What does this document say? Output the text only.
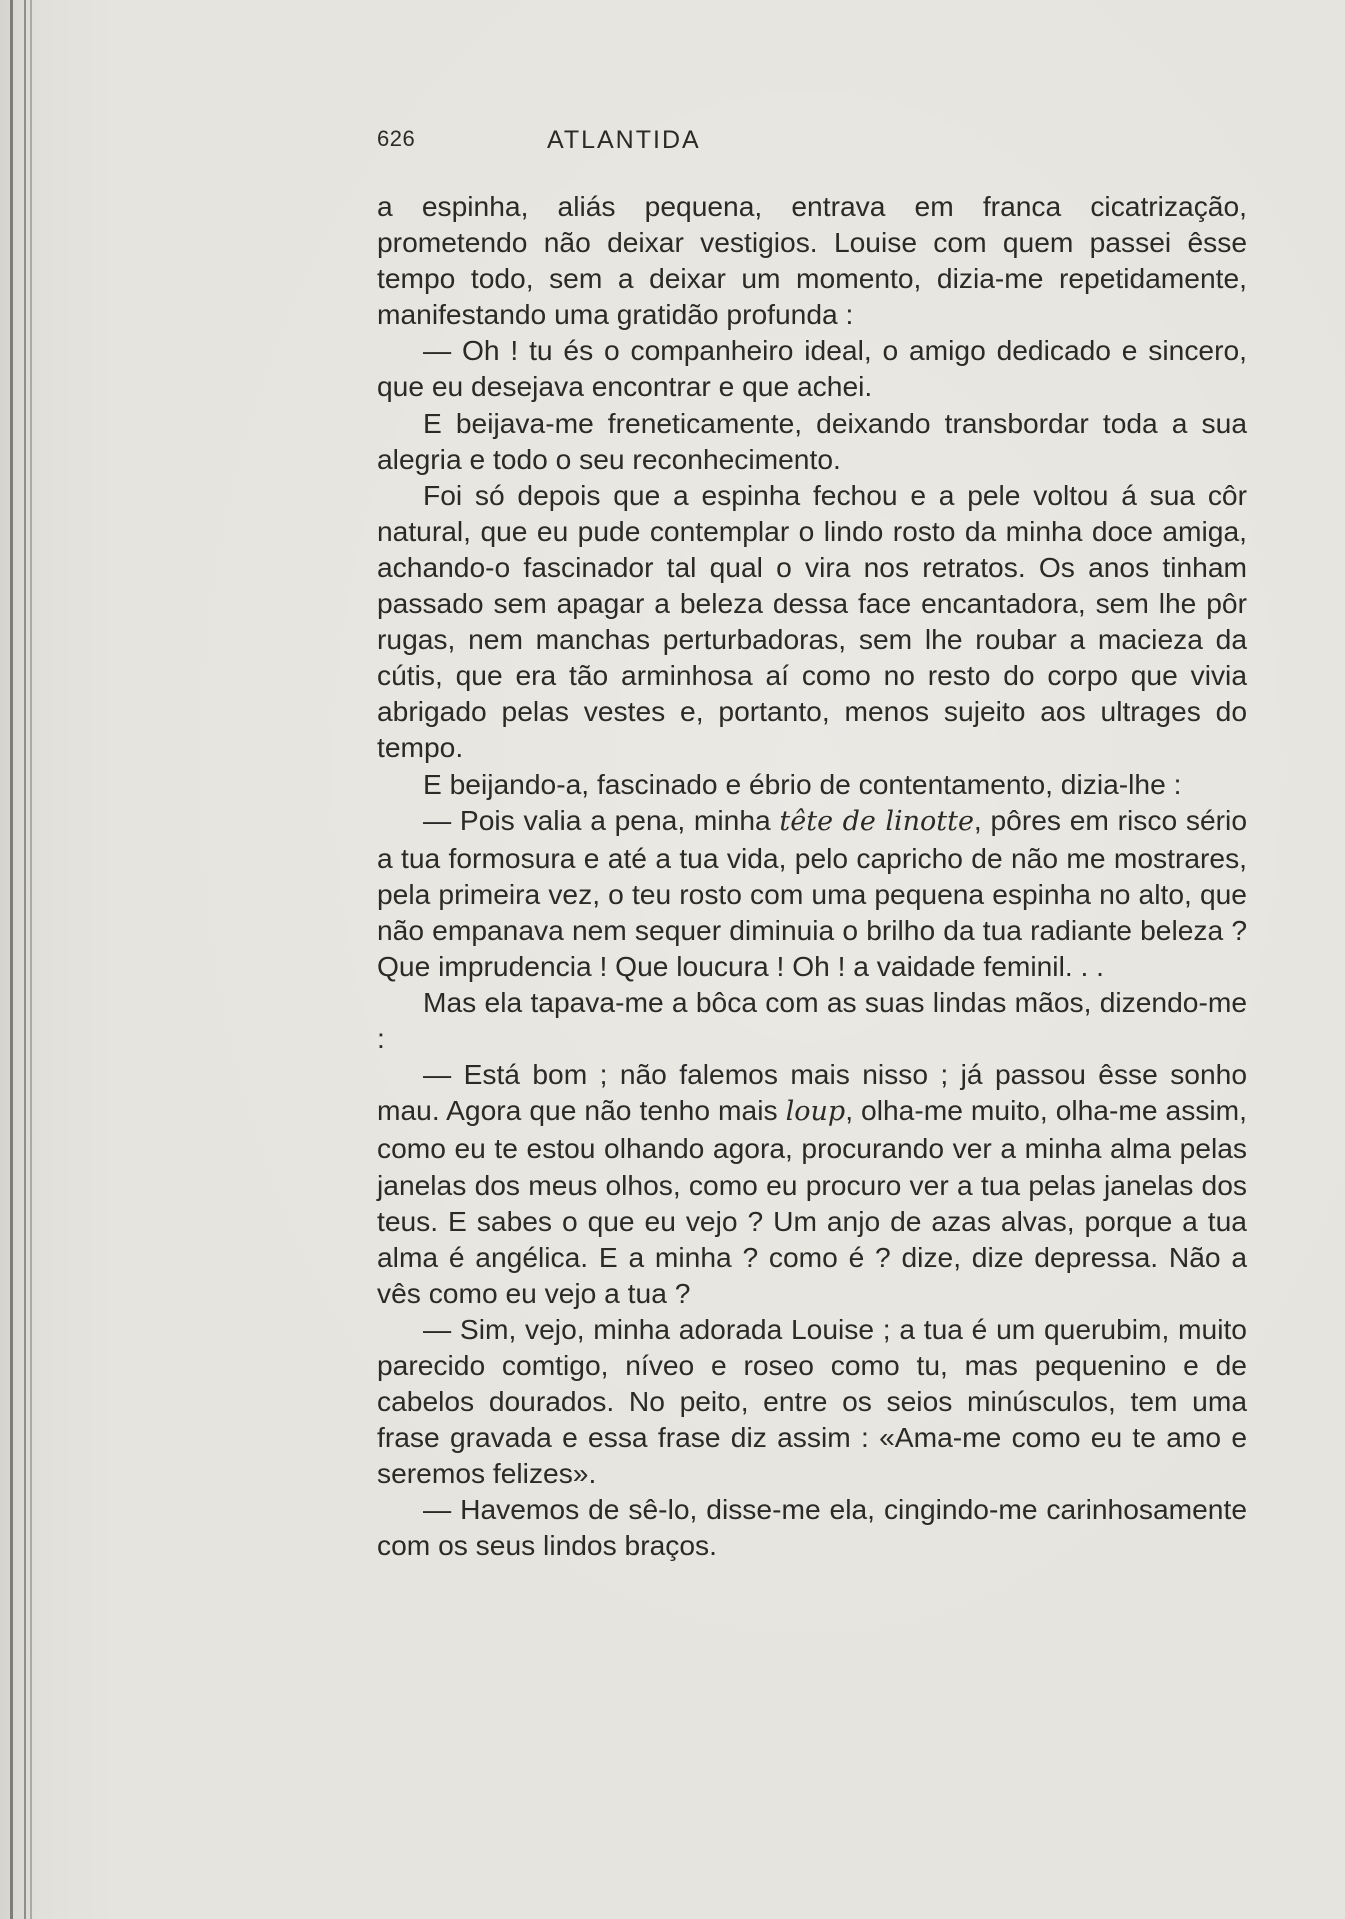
626	ATLANTIDA

a espinha, aliás pequena, entrava em franca cicatrização, prometendo não deixar vestigios. Louise com quem passei êsse tempo todo, sem a deixar um momento, dizia-me repetidamente, manifestando uma gratidão profunda :

— Oh ! tu és o companheiro ideal, o amigo dedicado e sincero, que eu desejava encontrar e que achei.

E beijava-me freneticamente, deixando transbordar toda a sua alegria e todo o seu reconhecimento.

Foi só depois que a espinha fechou e a pele voltou á sua côr natural, que eu pude contemplar o lindo rosto da minha doce amiga, achando-o fascinador tal qual o vira nos retratos. Os anos tinham passado sem apagar a beleza dessa face encantadora, sem lhe pôr rugas, nem manchas perturbadoras, sem lhe roubar a macieza da cútis, que era tão arminhosa aí como no resto do corpo que vivia abrigado pelas vestes e, portanto, menos sujeito aos ultrages do tempo.

E beijando-a, fascinado e ébrio de contentamento, dizia-lhe :

— Pois valia a pena, minha tête de linotte, pôres em risco sério a tua formosura e até a tua vida, pelo capricho de não me mostrares, pela primeira vez, o teu rosto com uma pequena espinha no alto, que não empanava nem sequer diminuia o brilho da tua radiante beleza ? Que imprudencia ! Que loucura ! Oh ! a vaidade feminil. . .

Mas ela tapava-me a bôca com as suas lindas mãos, dizendo-me :

— Está bom ; não falemos mais nisso ; já passou êsse sonho mau. Agora que não tenho mais loup, olha-me muito, olha-me assim, como eu te estou olhando agora, procurando ver a minha alma pelas janelas dos meus olhos, como eu procuro ver a tua pelas janelas dos teus. E sabes o que eu vejo ? Um anjo de azas alvas, porque a tua alma é angélica. E a minha ? como é ? dize, dize depressa. Não a vês como eu vejo a tua ?

— Sim, vejo, minha adorada Louise ; a tua é um querubim, muito parecido comtigo, níveo e roseo como tu, mas pequenino e de cabelos dourados. No peito, entre os seios minúsculos, tem uma frase gravada e essa frase diz assim : «Ama-me como eu te amo e seremos felizes».

— Havemos de sê-lo, disse-me ela, cingindo-me carinhosamente com os seus lindos braços.
